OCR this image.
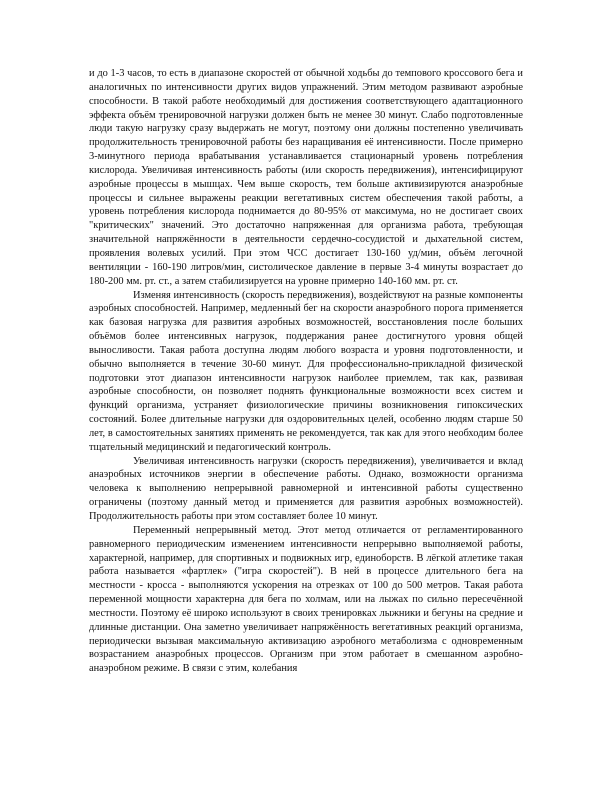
и до 1-3 часов, то есть в диапазоне скоростей от обычной ходьбы до темпового кроссового бега и аналогичных по интенсивности других видов упражнений. Этим методом развивают аэробные способности. В такой работе необходимый для достижения соответствующего адаптационного эффекта объём тренировочной нагрузки должен быть не менее 30 минут. Слабо подготовленные люди такую нагрузку сразу выдержать не могут, поэтому они должны постепенно увеличивать продолжительность тренировочной работы без наращивания её интенсивности. После примерно 3-минутного периода врабатывания устанавливается стационарный уровень потребления кислорода. Увеличивая интенсивность работы (или скорость передвижения), интенсифицируют аэробные процессы в мышцах. Чем выше скорость, тем больше активизируются анаэробные процессы и сильнее выражены реакции вегетативных систем обеспечения такой работы, а уровень потребления кислорода поднимается до 80-95% от максимума, но не достигает своих "критических" значений. Это достаточно напряженная для организма работа, требующая значительной напряжённости в деятельности сердечно-сосудистой и дыхательной систем, проявления волевых усилий. При этом ЧСС достигает 130-160 уд/мин, объём легочной вентиляции - 160-190 литров/мин, систолическое давление в первые 3-4 минуты возрастает до 180-200 мм. рт. ст., а затем стабилизируется на уровне примерно 140-160 мм. рт. ст.

Изменяя интенсивность (скорость передвижения), воздействуют на разные компоненты аэробных способностей. Например, медленный бег на скорости анаэробного порога применяется как базовая нагрузка для развития аэробных возможностей, восстановления после больших объёмов более интенсивных нагрузок, поддержания ранее достигнутого уровня общей выносливости. Такая работа доступна людям любого возраста и уровня подготовленности, и обычно выполняется в течение 30-60 минут. Для профессионально-прикладной физической подготовки этот диапазон интенсивности нагрузок наиболее приемлем, так как, развивая аэробные способности, он позволяет поднять функциональные возможности всех систем и функций организма, устраняет физиологические причины возникновения гипоксических состояний. Более длительные нагрузки для оздоровительных целей, особенно людям старше 50 лет, в самостоятельных занятиях применять не рекомендуется, так как для этого необходим более тщательный медицинский и педагогический контроль.

Увеличивая интенсивность нагрузки (скорость передвижения), увеличивается и вклад анаэробных источников энергии в обеспечение работы. Однако, возможности организма человека к выполнению непрерывной равномерной и интенсивной работы существенно ограничены (поэтому данный метод и применяется для развития аэробных возможностей). Продолжительность работы при этом составляет более 10 минут.

Переменный непрерывный метод. Этот метод отличается от регламентированного равномерного периодическим изменением интенсивности непрерывно выполняемой работы, характерной, например, для спортивных и подвижных игр, единоборств. В лёгкой атлетике такая работа называется «фартлек» ("игра скоростей"). В ней в процессе длительного бега на местности - кросса - выполняются ускорения на отрезках от 100 до 500 метров. Такая работа переменной мощности характерна для бега по холмам, или на лыжах по сильно пересечённой местности. Поэтому её широко используют в своих тренировках лыжники и бегуны на средние и длинные дистанции. Она заметно увеличивает напряжённость вегетативных реакций организма, периодически вызывая максимальную активизацию аэробного метаболизма с одновременным возрастанием анаэробных процессов. Организм при этом работает в смешанном аэробно-анаэробном режиме. В связи с этим, колебания
